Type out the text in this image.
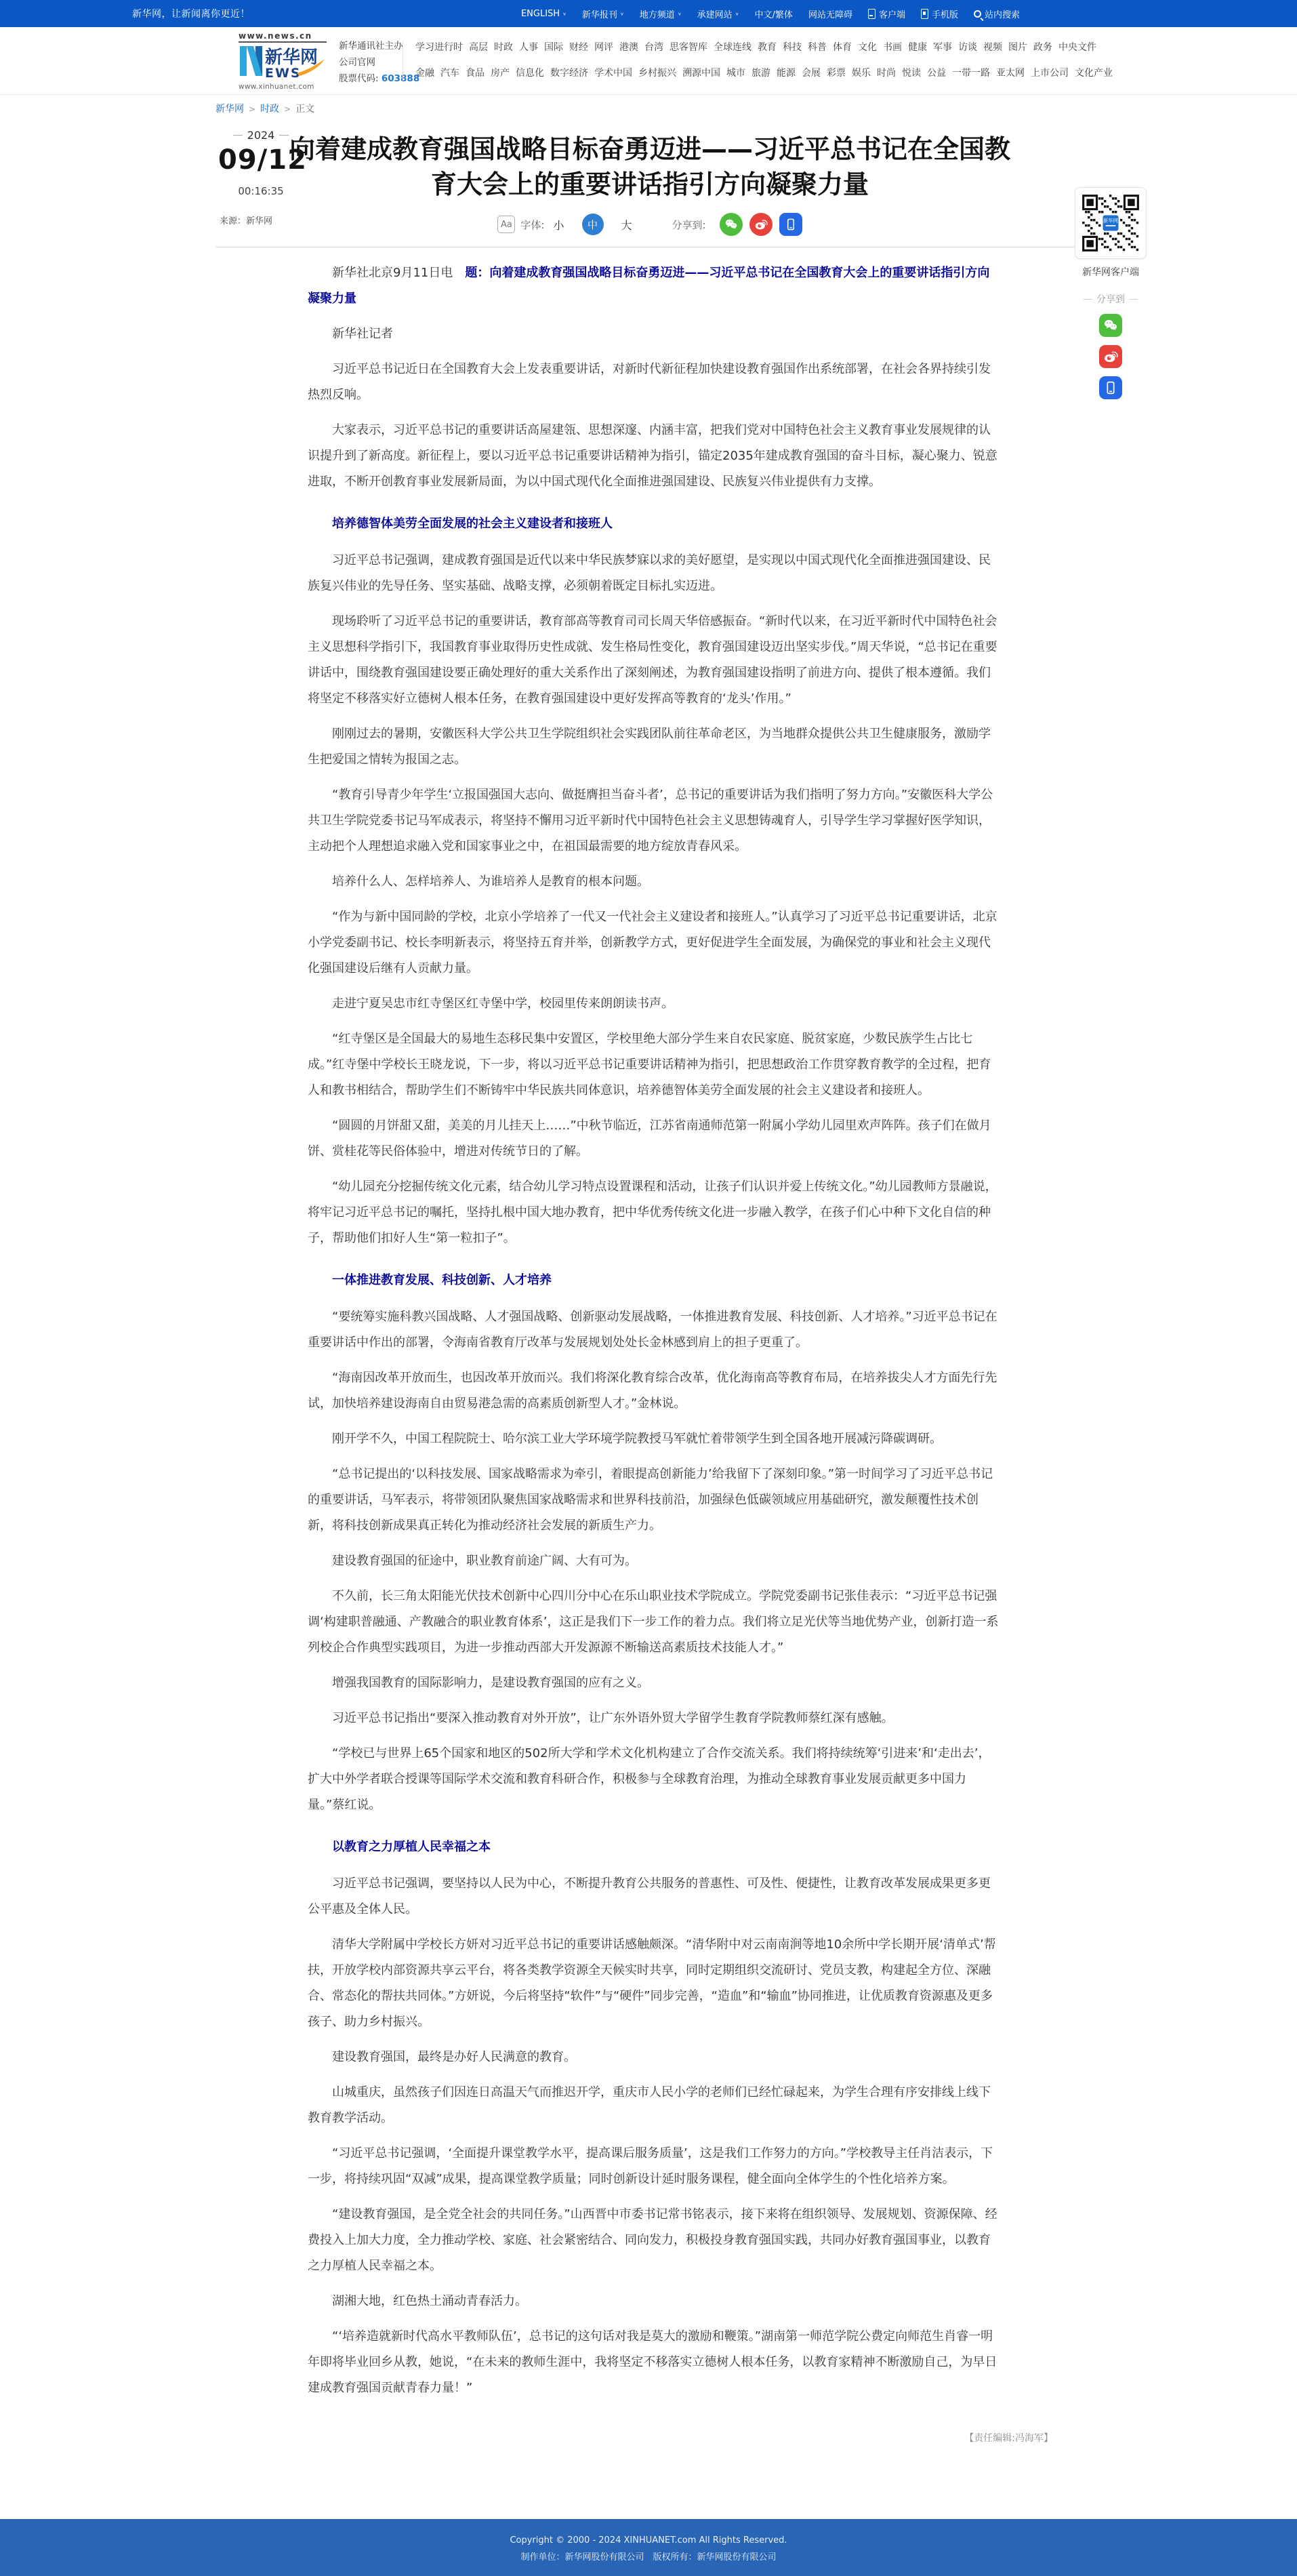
新华网，让新闻离你更近！	ENGLISH ∨ 新华报刊 ∨ 地方频道 ∨ 承建网站 ∨ 中文/繁体 网站无障碍	客户端	手机版	站内搜索
www.news.cn
新华网
EWS
www.xinhuanet.com
新华通讯社主办
公司官网
股票代码: 603888
学习进行时 高层 时政 人事 国际 财经 网评 港澳 台湾 思客智库 全球连线 教育 科技 科普 体育 文化 书画 健康 军事 访谈 视频 图片 政务 中央文件
金融 汽车 食品 房产 信息化 数字经济 学术中国 乡村振兴 溯源中国 城市 旅游 能源 会展 彩票 娱乐 时尚 悦读 公益 一带一路 亚太网 上市公司 文化产业
新华网 > 时政 > 正文
2024
09/12
00:16:35
来源：新华网
向着建成教育强国战略目标奋勇迈进——习近平总书记在全国教育大会上的重要讲话指引方向凝聚力量
Aa 字体: 小	中	大	分享到:

新华社北京9月11日电　题：向着建成教育强国战略目标奋勇迈进——习近平总书记在全国教育大会上的重要讲话指引方向凝聚力量

新华社记者

习近平总书记近日在全国教育大会上发表重要讲话，对新时代新征程加快建设教育强国作出系统部署，在社会各界持续引发热烈反响。

大家表示，习近平总书记的重要讲话高屋建瓴、思想深邃、内涵丰富，把我们党对中国特色社会主义教育事业发展规律的认识提升到了新高度。新征程上，要以习近平总书记重要讲话精神为指引，锚定2035年建成教育强国的奋斗目标，凝心聚力、锐意进取，不断开创教育事业发展新局面，为以中国式现代化全面推进强国建设、民族复兴伟业提供有力支撑。

培养德智体美劳全面发展的社会主义建设者和接班人

习近平总书记强调，建成教育强国是近代以来中华民族梦寐以求的美好愿望，是实现以中国式现代化全面推进强国建设、民族复兴伟业的先导任务、坚实基础、战略支撑，必须朝着既定目标扎实迈进。

现场聆听了习近平总书记的重要讲话，教育部高等教育司司长周天华倍感振奋。“新时代以来，在习近平新时代中国特色社会主义思想科学指引下，我国教育事业取得历史性成就、发生格局性变化，教育强国建设迈出坚实步伐。”周天华说，“总书记在重要讲话中，围绕教育强国建设要正确处理好的重大关系作出了深刻阐述，为教育强国建设指明了前进方向、提供了根本遵循。我们将坚定不移落实好立德树人根本任务，在教育强国建设中更好发挥高等教育的‘龙头’作用。”

刚刚过去的暑期，安徽医科大学公共卫生学院组织社会实践团队前往革命老区，为当地群众提供公共卫生健康服务，激励学生把爱国之情转为报国之志。

“教育引导青少年学生‘立报国强国大志向、做挺膺担当奋斗者’，总书记的重要讲话为我们指明了努力方向。”安徽医科大学公共卫生学院党委书记马军成表示，将坚持不懈用习近平新时代中国特色社会主义思想铸魂育人，引导学生学习掌握好医学知识，主动把个人理想追求融入党和国家事业之中，在祖国最需要的地方绽放青春风采。

培养什么人、怎样培养人、为谁培养人是教育的根本问题。

“作为与新中国同龄的学校，北京小学培养了一代又一代社会主义建设者和接班人。”认真学习了习近平总书记重要讲话，北京小学党委副书记、校长李明新表示，将坚持五育并举，创新教学方式，更好促进学生全面发展，为确保党的事业和社会主义现代化强国建设后继有人贡献力量。

走进宁夏吴忠市红寺堡区红寺堡中学，校园里传来朗朗读书声。

“红寺堡区是全国最大的易地生态移民集中安置区，学校里绝大部分学生来自农民家庭、脱贫家庭，少数民族学生占比七成。”红寺堡中学校长王晓龙说，下一步，将以习近平总书记重要讲话精神为指引，把思想政治工作贯穿教育教学的全过程，把育人和教书相结合，帮助学生们不断铸牢中华民族共同体意识，培养德智体美劳全面发展的社会主义建设者和接班人。

“圆圆的月饼甜又甜，美美的月儿挂天上……”中秋节临近，江苏省南通师范第一附属小学幼儿园里欢声阵阵。孩子们在做月饼、赏桂花等民俗体验中，增进对传统节日的了解。

“幼儿园充分挖掘传统文化元素，结合幼儿学习特点设置课程和活动，让孩子们认识并爱上传统文化。”幼儿园教师方景融说，将牢记习近平总书记的嘱托，坚持扎根中国大地办教育，把中华优秀传统文化进一步融入教学，在孩子们心中种下文化自信的种子，帮助他们扣好人生“第一粒扣子”。

一体推进教育发展、科技创新、人才培养

“要统筹实施科教兴国战略、人才强国战略、创新驱动发展战略，一体推进教育发展、科技创新、人才培养。”习近平总书记在重要讲话中作出的部署，令海南省教育厅改革与发展规划处处长金林感到肩上的担子更重了。

“海南因改革开放而生，也因改革开放而兴。我们将深化教育综合改革，优化海南高等教育布局，在培养拔尖人才方面先行先试，加快培养建设海南自由贸易港急需的高素质创新型人才。”金林说。

刚开学不久，中国工程院院士、哈尔滨工业大学环境学院教授马军就忙着带领学生到全国各地开展减污降碳调研。

“总书记提出的‘以科技发展、国家战略需求为牵引，着眼提高创新能力’给我留下了深刻印象。”第一时间学习了习近平总书记的重要讲话，马军表示，将带领团队聚焦国家战略需求和世界科技前沿，加强绿色低碳领域应用基础研究，激发颠覆性技术创新，将科技创新成果真正转化为推动经济社会发展的新质生产力。

建设教育强国的征途中，职业教育前途广阔、大有可为。

不久前，长三角太阳能光伏技术创新中心四川分中心在乐山职业技术学院成立。学院党委副书记张佳表示：“习近平总书记强调‘构建职普融通、产教融合的职业教育体系’，这正是我们下一步工作的着力点。我们将立足光伏等当地优势产业，创新打造一系列校企合作典型实践项目，为进一步推动西部大开发源源不断输送高素质技术技能人才。”

增强我国教育的国际影响力，是建设教育强国的应有之义。

习近平总书记指出“要深入推动教育对外开放”，让广东外语外贸大学留学生教育学院教师蔡红深有感触。

“学校已与世界上65个国家和地区的502所大学和学术文化机构建立了合作交流关系。我们将持续统筹‘引进来’和‘走出去’，扩大中外学者联合授课等国际学术交流和教育科研合作，积极参与全球教育治理，为推动全球教育事业发展贡献更多中国力量。”蔡红说。

以教育之力厚植人民幸福之本

习近平总书记强调，要坚持以人民为中心，不断提升教育公共服务的普惠性、可及性、便捷性，让教育改革发展成果更多更公平惠及全体人民。

清华大学附属中学校长方妍对习近平总书记的重要讲话感触颇深。“清华附中对云南南涧等地10余所中学长期开展‘清单式’帮扶，开放学校内部资源共享云平台，将各类教学资源全天候实时共享，同时定期组织交流研讨、党员支教，构建起全方位、深融合、常态化的帮扶共同体。”方妍说，今后将坚持“软件”与“硬件”同步完善，“造血”和“输血”协同推进，让优质教育资源惠及更多孩子、助力乡村振兴。

建设教育强国，最终是办好人民满意的教育。

山城重庆，虽然孩子们因连日高温天气而推迟开学，重庆市人民小学的老师们已经忙碌起来，为学生合理有序安排线上线下教育教学活动。

“习近平总书记强调，‘全面提升课堂教学水平，提高课后服务质量’，这是我们工作努力的方向。”学校教导主任肖洁表示，下一步，将持续巩固“双减”成果，提高课堂教学质量；同时创新设计延时服务课程，健全面向全体学生的个性化培养方案。

“建设教育强国，是全党全社会的共同任务。”山西晋中市委书记常书铭表示，接下来将在组织领导、发展规划、资源保障、经费投入上加大力度，全力推动学校、家庭、社会紧密结合、同向发力，积极投身教育强国实践，共同办好教育强国事业，以教育之力厚植人民幸福之本。

湖湘大地，红色热土涌动青春活力。

“‘培养造就新时代高水平教师队伍’，总书记的这句话对我是莫大的激励和鞭策。”湖南第一师范学院公费定向师范生肖睿一明年即将毕业回乡从教，她说，“在未来的教师生涯中，我将坚定不移落实立德树人根本任务，以教育家精神不断激励自己，为早日建成教育强国贡献青春力量！”

【责任编辑:冯海军】
新华网
新华网客户端
分享到
Copyright © 2000 - 2024 XINHUANET.com All Rights Reserved.
制作单位：新华网股份有限公司　版权所有：新华网股份有限公司
